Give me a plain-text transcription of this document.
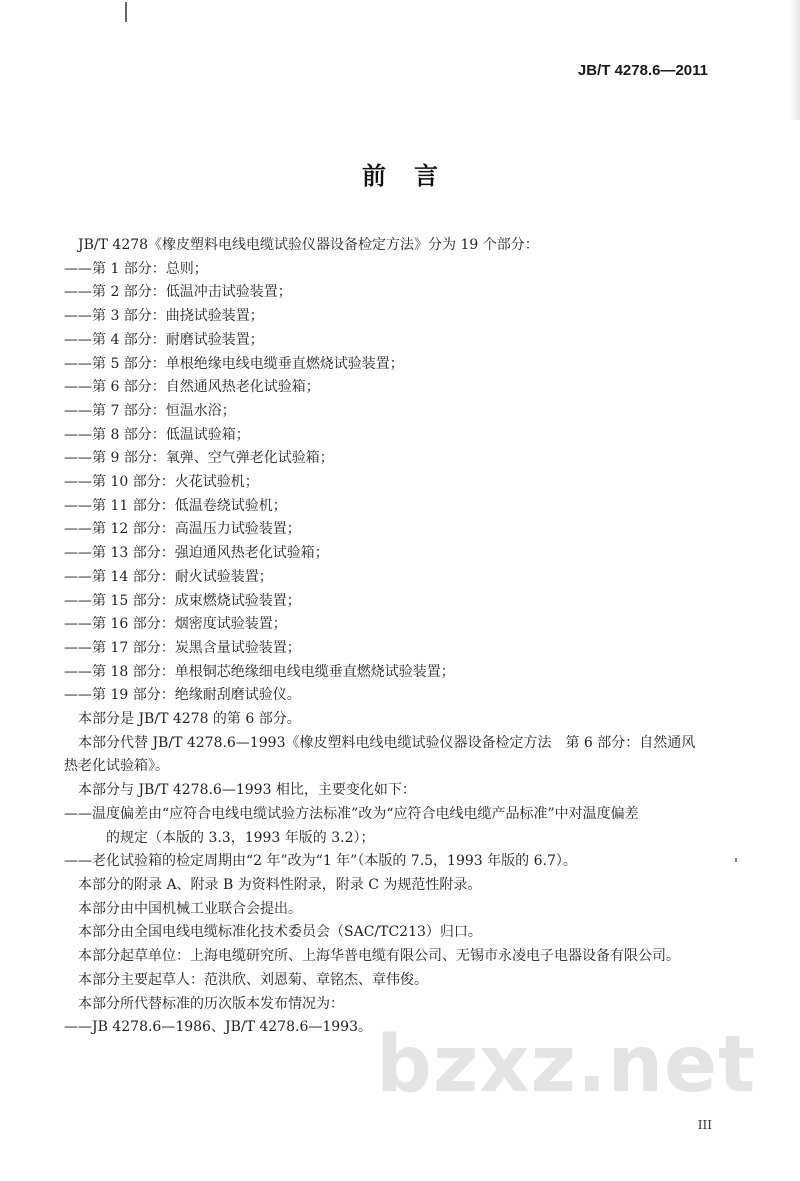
JB/T 4278.6—2011
前言
JB/T 4278《橡皮塑料电线电缆试验仪器设备检定方法》分为 19 个部分：
——第 1 部分：总则；
——第 2 部分：低温冲击试验装置；
——第 3 部分：曲挠试验装置；
——第 4 部分：耐磨试验装置；
——第 5 部分：单根绝缘电线电缆垂直燃烧试验装置；
——第 6 部分：自然通风热老化试验箱；
——第 7 部分：恒温水浴；
——第 8 部分：低温试验箱；
——第 9 部分：氧弹、空气弹老化试验箱；
——第 10 部分：火花试验机；
——第 11 部分：低温卷绕试验机；
——第 12 部分：高温压力试验装置；
——第 13 部分：强迫通风热老化试验箱；
——第 14 部分：耐火试验装置；
——第 15 部分：成束燃烧试验装置；
——第 16 部分：烟密度试验装置；
——第 17 部分：炭黑含量试验装置；
——第 18 部分：单根铜芯绝缘细电线电缆垂直燃烧试验装置；
——第 19 部分：绝缘耐刮磨试验仪。
本部分是 JB/T 4278 的第 6 部分。
本部分代替 JB/T 4278.6—1993《橡皮塑料电线电缆试验仪器设备检定方法　第 6 部分：自然通风
热老化试验箱》。
本部分与 JB/T 4278.6—1993 相比，主要变化如下：
——温度偏差由“应符合电线电缆试验方法标准”改为“应符合电线电缆产品标准”中对温度偏差
的规定（本版的 3.3，1993 年版的 3.2）；
——老化试验箱的检定周期由“2 年”改为“1 年”（本版的 7.5，1993 年版的 6.7）。
本部分的附录 A、附录 B 为资料性附录，附录 C 为规范性附录。
本部分由中国机械工业联合会提出。
本部分由全国电线电缆标准化技术委员会（SAC/TC213）归口。
本部分起草单位：上海电缆研究所、上海华普电缆有限公司、无锡市永凌电子电器设备有限公司。
本部分主要起草人：范洪欣、刘恩菊、章铭杰、章伟俊。
本部分所代替标准的历次版本发布情况为：
——JB 4278.6—1986、JB/T 4278.6—1993。 bzxz.net
III
